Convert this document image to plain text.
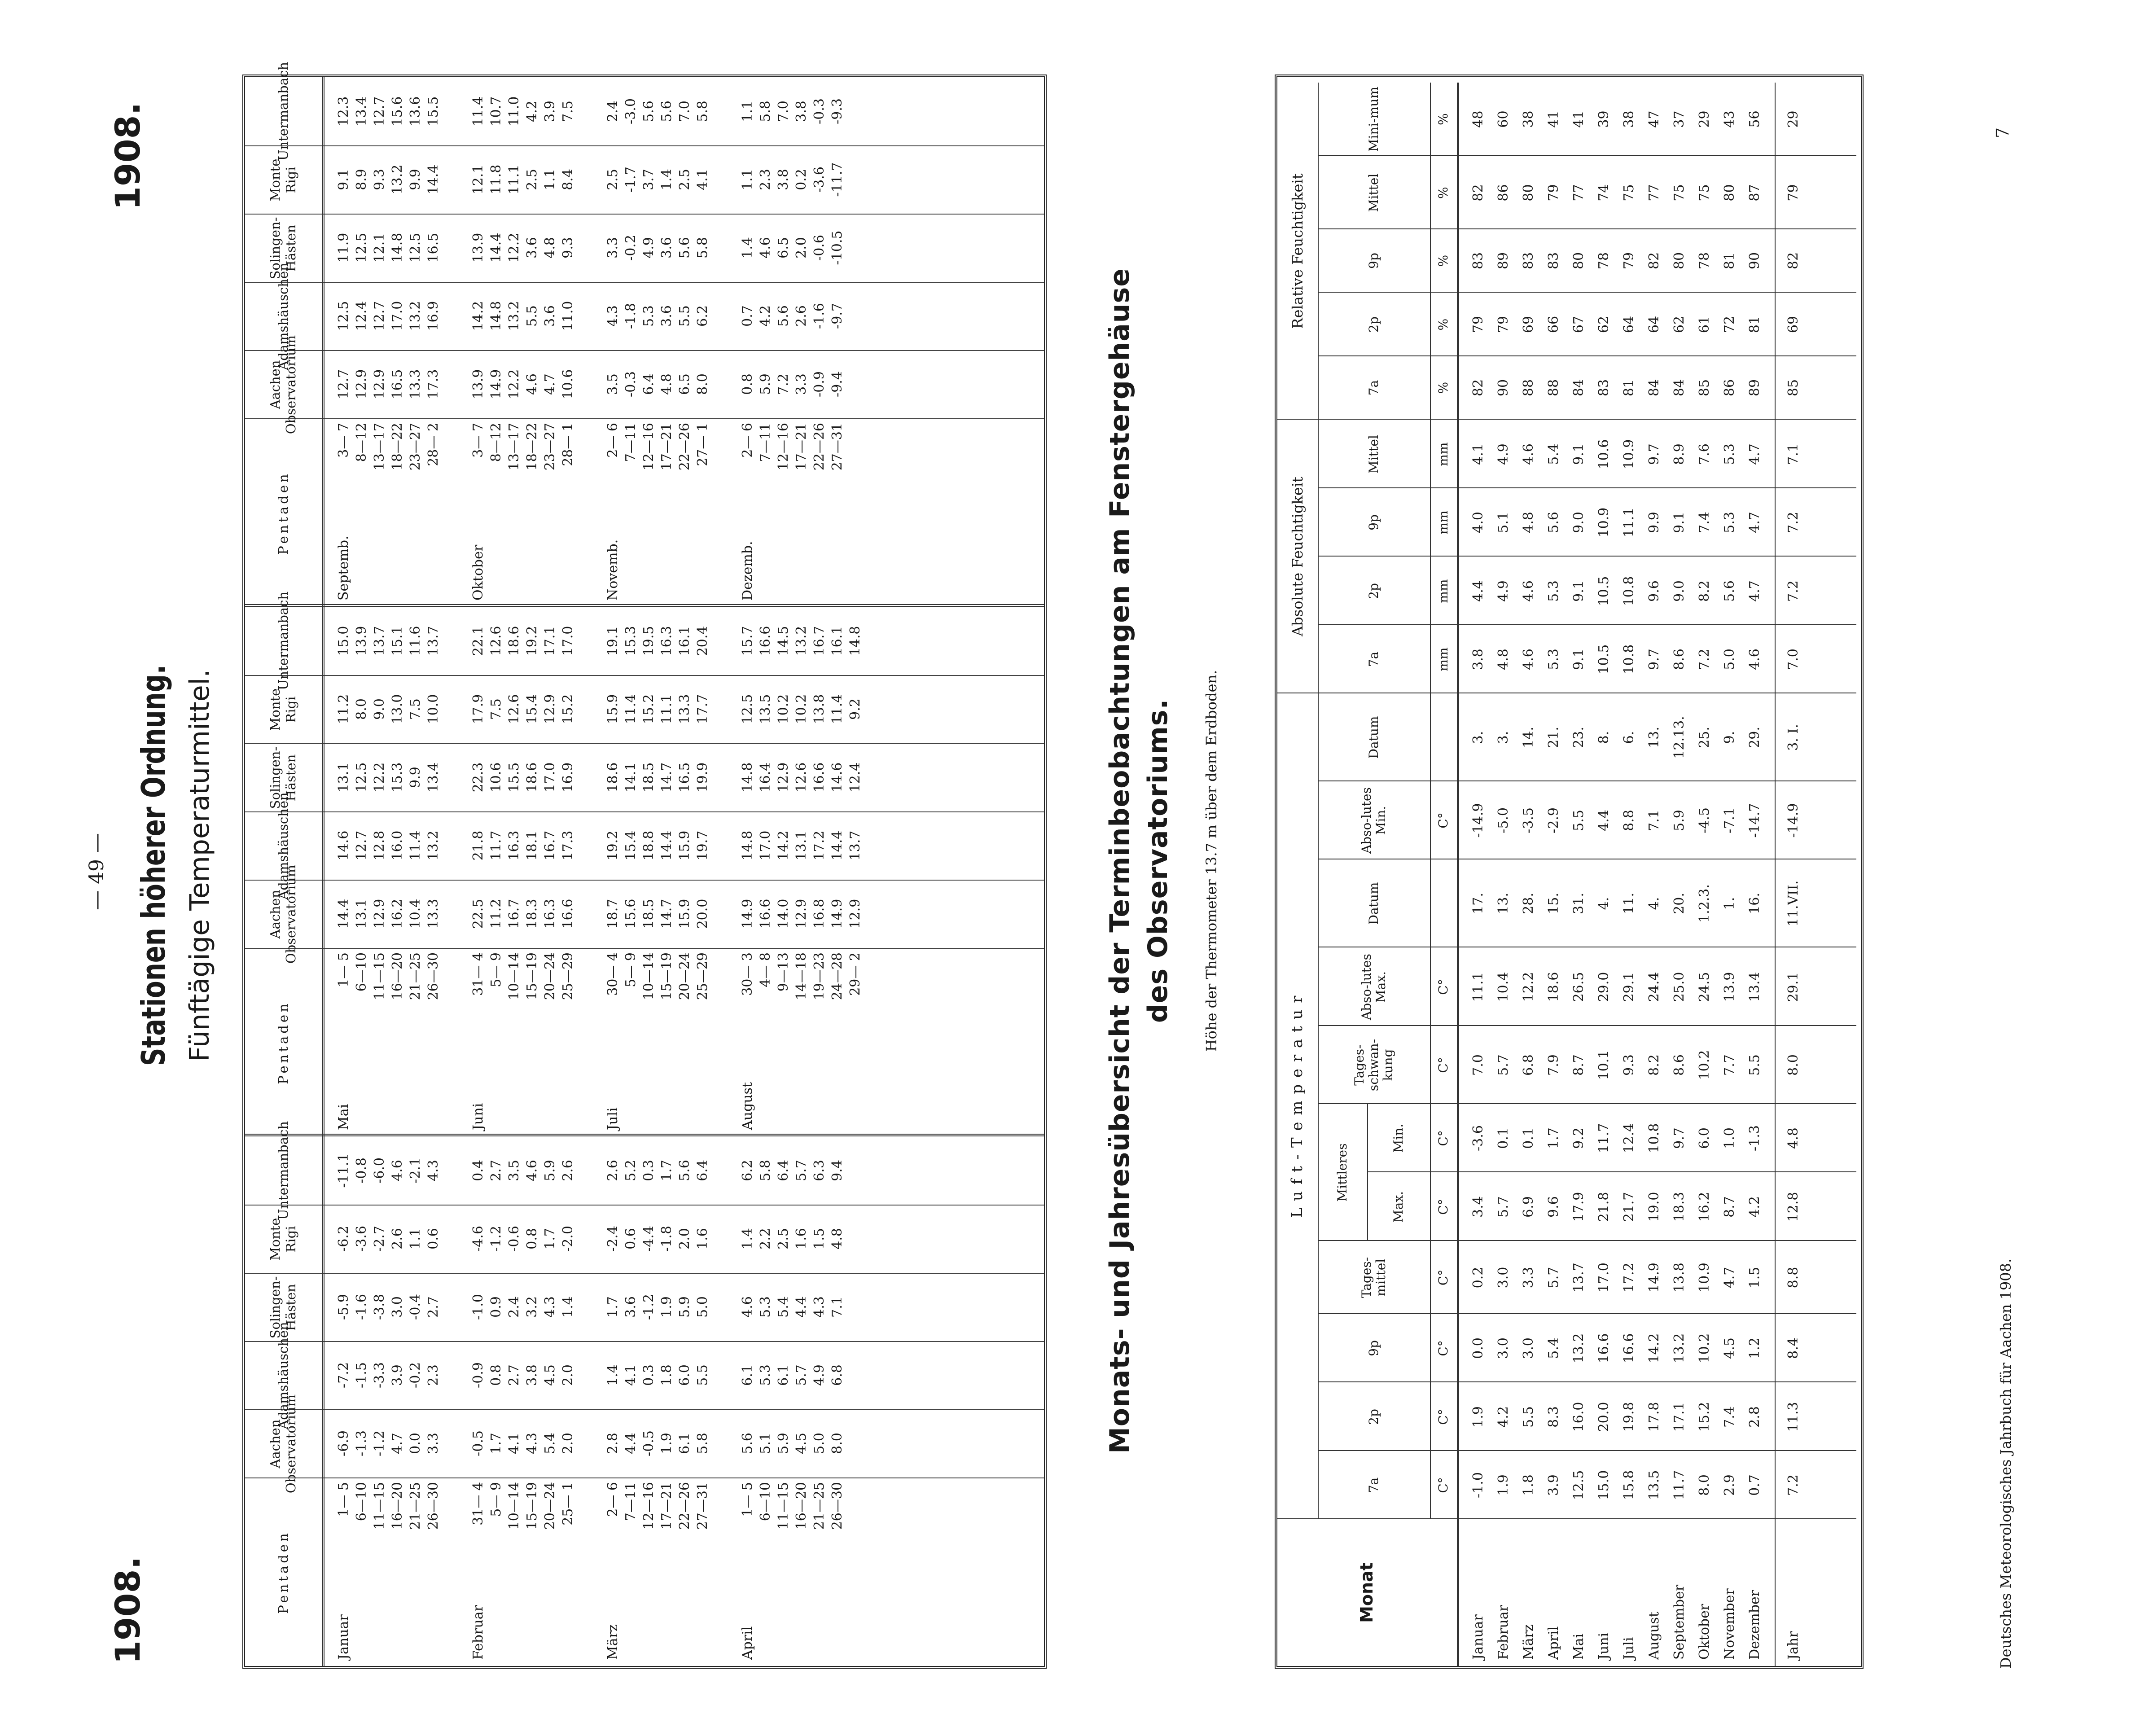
1908.
— 49 —
1908.
Stationen höherer Ordnung. Fünftägige Temperaturmittel.
Pentaden
Aachen Observatorium
Adamshäuschen
Solingen-Hästen
Monte Rigi
Untermanbach
Januar
1— 5
-6.9
-7.2
-5.9
-6.2
-11.1
6—10
-1.3
-1.5
-1.6
-3.6
-0.8
11—15
-1.2
-3.3
-3.8
-2.7
-6.0
16—20
4.7
3.9
3.0
2.6
4.6
21—25
0.0
-0.2
-0.4
1.1
-2.1
26—30
3.3
2.3
2.7
0.6
4.3
Februar
31— 4
-0.5
-0.9
-1.0
-4.6
0.4
5— 9
1.7
0.8
0.9
-1.2
2.7
10—14
4.1
2.7
2.4
-0.6
3.5
15—19
4.3
3.8
3.2
0.8
4.6
20—24
5.4
4.5
4.3
1.7
5.9
25— 1
2.0
2.0
1.4
-2.0
2.6
März
2— 6
2.8
1.4
1.7
-2.4
2.6
7—11
4.4
4.1
3.6
0.6
5.2
12—16
-0.5
0.3
-1.2
-4.4
0.3
17—21
1.9
1.8
1.9
-1.8
1.7
22—26
6.1
6.0
5.9
2.0
5.6
27—31
5.8
5.5
5.0
1.6
6.4
April
1— 5
5.6
6.1
4.6
1.4
6.2
6—10
5.1
5.3
5.3
2.2
5.8
11—15
5.9
6.1
5.4
2.5
6.4
16—20
4.5
5.7
4.4
1.6
5.7
21—25
5.0
4.9
4.3
1.5
6.3
26—30
8.0
6.8
7.1
4.8
9.4
Pentaden
Aachen Observatorium
Adamshäuschen
Solingen-Hästen
Monte Rigi
Untermanbach
Mai
1— 5
14.4
14.6
13.1
11.2
15.0
6—10
13.1
12.7
12.5
8.0
13.9
11—15
12.9
12.8
12.2
9.0
13.7
16—20
16.2
16.0
15.3
13.0
15.1
21—25
10.4
11.4
9.9
7.5
11.6
26—30
13.3
13.2
13.4
10.0
13.7
Juni
31— 4
22.5
21.8
22.3
17.9
22.1
5— 9
11.2
11.7
10.6
7.5
12.6
10—14
16.7
16.3
15.5
12.6
18.6
15—19
18.3
18.1
18.6
15.4
19.2
20—24
16.3
16.7
17.0
12.9
17.1
25—29
16.6
17.3
16.9
15.2
17.0
Juli
30— 4
18.7
19.2
18.6
15.9
19.1
5— 9
15.6
15.4
14.1
11.4
15.3
10—14
18.5
18.8
18.5
15.2
19.5
15—19
14.7
14.4
14.7
11.1
16.3
20—24
15.9
15.9
16.5
13.3
16.1
25—29
20.0
19.7
19.9
17.7
20.4
August
30— 3
14.9
14.8
14.8
12.5
15.7
4— 8
16.6
17.0
16.4
13.5
16.6
9—13
14.0
14.2
12.9
10.2
14.5
14—18
12.9
13.1
12.6
10.2
13.2
19—23
16.8
17.2
16.6
13.8
16.7
24—28
14.9
14.4
14.6
11.4
16.1
29— 2
12.9
13.7
12.4
9.2
14.8
Pentaden
Aachen Observatorium
Adamshäuschen
Solingen-Hästen
Monte Rigi
Untermanbach
Septemb.
3— 7
12.7
12.5
11.9
9.1
12.3
8—12
12.9
12.4
12.5
8.9
13.4
13—17
12.9
12.7
12.1
9.3
12.7
18—22
16.5
17.0
14.8
13.2
15.6
23—27
13.3
13.2
12.5
9.9
13.6
28— 2
17.3
16.9
16.5
14.4
15.5
Oktober
3— 7
13.9
14.2
13.9
12.1
11.4
8—12
14.9
14.8
14.4
11.8
10.7
13—17
12.2
13.2
12.2
11.1
11.0
18—22
4.6
5.5
3.6
2.5
4.2
23—27
4.7
3.6
4.8
1.1
3.9
28— 1
10.6
11.0
9.3
8.4
7.5
Novemb.
2— 6
3.5
4.3
3.3
2.5
2.4
7—11
-0.3
-1.8
-0.2
-1.7
-3.0
12—16
6.4
5.3
4.9
3.7
5.6
17—21
4.8
3.6
3.6
1.4
5.6
22—26
6.5
5.5
5.6
2.5
7.0
27— 1
8.0
6.2
5.8
4.1
5.8
Dezemb.
2— 6
0.8
0.7
1.4
1.1
1.1
7—11
5.9
4.2
4.6
2.3
5.8
12—16
7.2
5.6
6.5
3.8
7.0
17—21
3.3
2.6
2.0
0.2
3.8
22—26
-0.9
-1.6
-0.6
-3.6
-0.3
27—31
-9.4
-9.7
-10.5
-11.7
-9.3
Monats- und Jahresübersicht der Terminbeobachtungen am Fenstergehäuse des Observatoriums. Höhe der Thermometer 13.7 m über dem Erdboden.
Monat
L u f t - T e m p e r a t u r
Absolute Feuchtigkeit
Relative Feuchtigkeit
7a
2p
9p
Tages-mittel
Tages-schwan-kung
Abso-lutes Max.
Datum
Abso-lutes Min.
Datum
7a
2p
9p
Mittel
7a
2p
9p
Mittel
Mini-mum
Mittleres
Max.
Min.
C°
C°
C°
C°
C°
C°
C°
C°
C°
mm
mm
mm
mm
%
%
%
%
%
Januar
-1.0
1.9
0.0
0.2
3.4
-3.6
7.0
11.1
17.
-14.9
3.
3.8
4.4
4.0
4.1
82
79
83
82
48
Februar
1.9
4.2
3.0
3.0
5.7
0.1
5.7
10.4
13.
-5.0
3.
4.8
4.9
5.1
4.9
90
79
89
86
60
März
1.8
5.5
3.0
3.3
6.9
0.1
6.8
12.2
28.
-3.5
14.
4.6
4.6
4.8
4.6
88
69
83
80
38
April
3.9
8.3
5.4
5.7
9.6
1.7
7.9
18.6
15.
-2.9
21.
5.3
5.3
5.6
5.4
88
66
83
79
41
Mai
12.5
16.0
13.2
13.7
17.9
9.2
8.7
26.5
31.
5.5
23.
9.1
9.1
9.0
9.1
84
67
80
77
41
Juni
15.0
20.0
16.6
17.0
21.8
11.7
10.1
29.0
4.
4.4
8.
10.5
10.5
10.9
10.6
83
62
78
74
39
Juli
15.8
19.8
16.6
17.2
21.7
12.4
9.3
29.1
11.
8.8
6.
10.8
10.8
11.1
10.9
81
64
79
75
38
August
13.5
17.8
14.2
14.9
19.0
10.8
8.2
24.4
4.
7.1
13.
9.7
9.6
9.9
9.7
84
64
82
77
47
September
11.7
17.1
13.2
13.8
18.3
9.7
8.6
25.0
20.
5.9
12.13.
8.6
9.0
9.1
8.9
84
62
80
75
37
Oktober
8.0
15.2
10.2
10.9
16.2
6.0
10.2
24.5
1.2.3.
-4.5
25.
7.2
8.2
7.4
7.6
85
61
78
75
29
November
2.9
7.4
4.5
4.7
8.7
1.0
7.7
13.9
1.
-7.1
9.
5.0
5.6
5.3
5.3
86
72
81
80
43
Dezember
0.7
2.8
1.2
1.5
4.2
-1.3
5.5
13.4
16.
-14.7
29.
4.6
4.7
4.7
4.7
89
81
90
87
56
Jahr
7.2
11.3
8.4
8.8
12.8
4.8
8.0
29.1
11.VII.
-14.9
3. I.
7.0
7.2
7.2
7.1
85
69
82
79
29
Deutsches Meteorologisches Jahrbuch für Aachen 1908.
7
